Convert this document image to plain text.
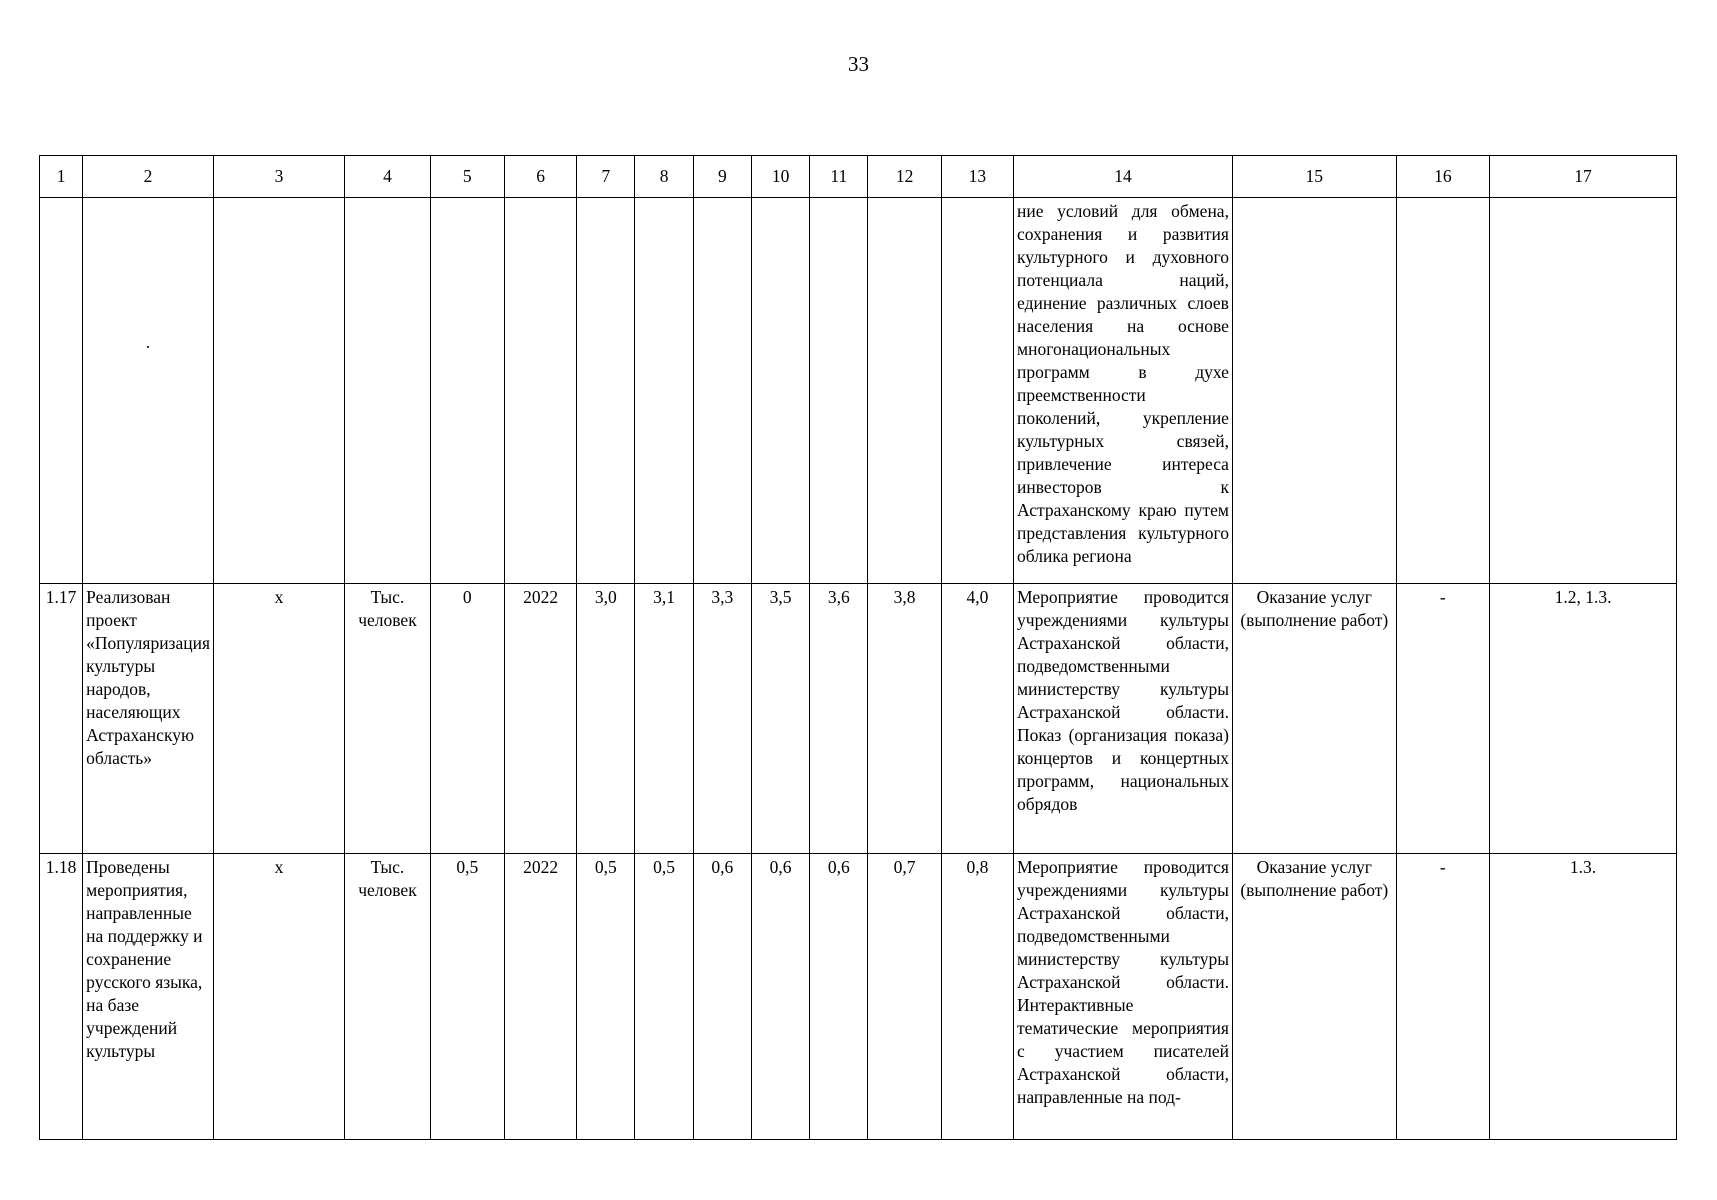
33
1	2	3	4	5	6	7	8	9	10	11	12	13	14	15	16	17

	·												ние условий для обмена, сохранения и развития культурного и духовного потенциала наций, единение различных слоев населения на основе многонациональных программ в духе преемственности поколений, укрепление культурных связей, привлечение интереса инвесторов к Астраханскому краю путем представления культурного облика региона			
1.17	Реализован проект «Популяризация культуры народов, населяющих Астраханскую область»	х	Тыс. человек	0	2022	3,0	3,1	3,3	3,5	3,6	3,8	4,0	Мероприятие проводится учреждениями культуры Астраханской области, подведомственными министерству культуры Астраханской области. Показ (организация показа) концертов и концертных программ, национальных обрядов	Оказание услуг (выполнение работ)	-	1.2, 1.3.
1.18	Проведены мероприятия, направленные на поддержку и сохранение русского языка, на базе учреждений культуры	х	Тыс. человек	0,5	2022	0,5	0,5	0,6	0,6	0,6	0,7	0,8	Мероприятие проводится учреждениями культуры Астраханской области, подведомственными министерству культуры Астраханской области. Интерактивные тематические мероприятия с участием писателей Астраханской области, направленные на под-	Оказание услуг (выполнение работ)	-	1.3.
